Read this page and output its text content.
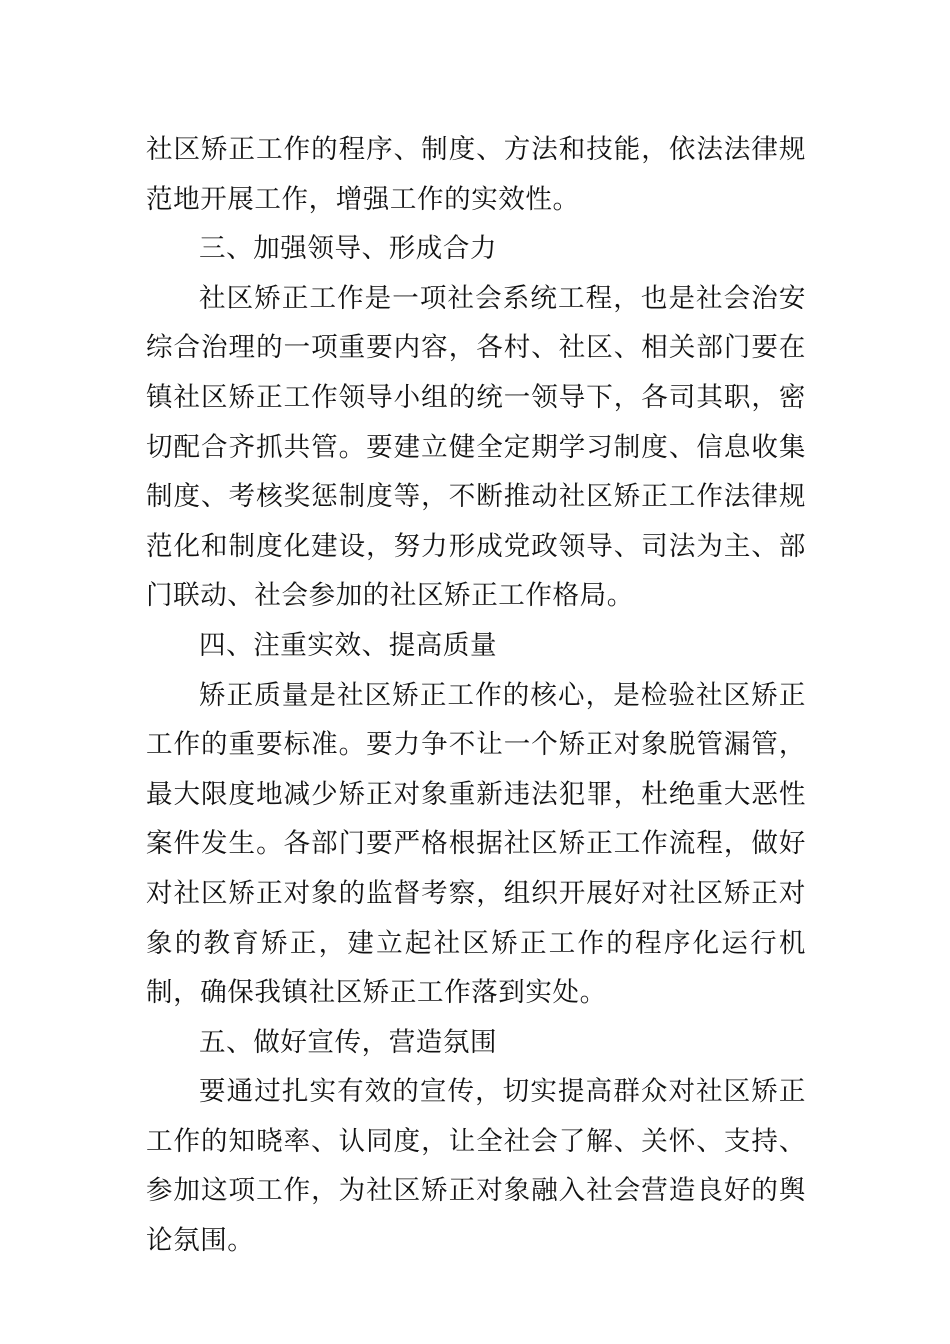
社区矫正工作的程序、制度、方法和技能，依法法律规范地开展工作，增强工作的实效性。

三、加强领导、形成合力

社区矫正工作是一项社会系统工程，也是社会治安综合治理的一项重要内容，各村、社区、相关部门要在镇社区矫正工作领导小组的统一领导下，各司其职，密切配合齐抓共管。要建立健全定期学习制度、信息收集制度、考核奖惩制度等，不断推动社区矫正工作法律规范化和制度化建设，努力形成党政领导、司法为主、部门联动、社会参加的社区矫正工作格局。

四、注重实效、提高质量

矫正质量是社区矫正工作的核心，是检验社区矫正工作的重要标准。要力争不让一个矫正对象脱管漏管，最大限度地减少矫正对象重新违法犯罪，杜绝重大恶性案件发生。各部门要严格根据社区矫正工作流程，做好对社区矫正对象的监督考察，组织开展好对社区矫正对象的教育矫正，建立起社区矫正工作的程序化运行机制，确保我镇社区矫正工作落到实处。

五、做好宣传，营造氛围

要通过扎实有效的宣传，切实提高群众对社区矫正工作的知晓率、认同度，让全社会了解、关怀、支持、参加这项工作，为社区矫正对象融入社会营造良好的舆论氛围。
